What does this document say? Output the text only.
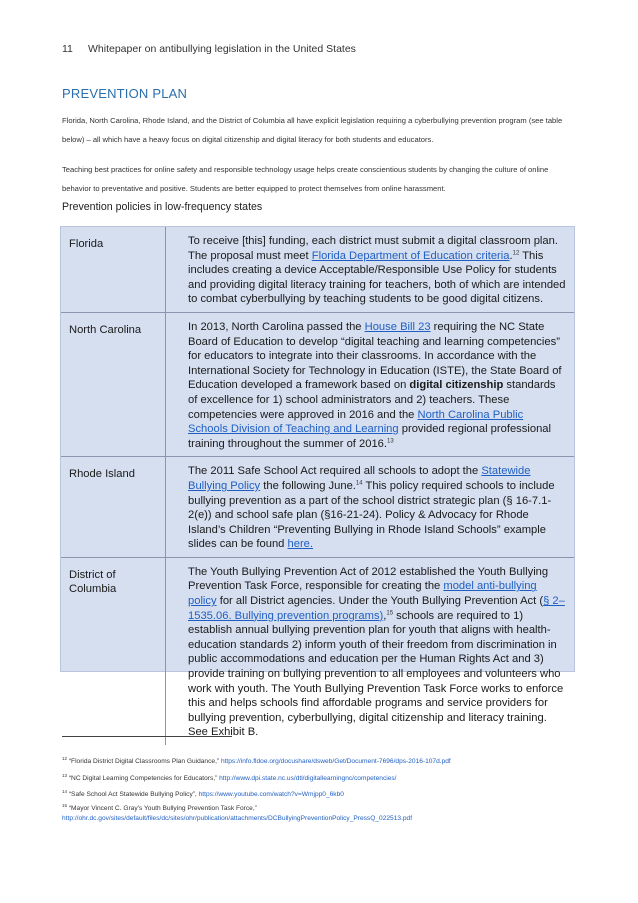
11 Whitepaper on antibullying legislation in the United States
PREVENTION PLAN

Florida, North Carolina, Rhode Island, and the District of Columbia all have explicit legislation requiring a cyberbullying prevention program (see table below) – all which have a heavy focus on digital citizenship and digital literacy for both students and educators.

Teaching best practices for online safety and responsible technology usage helps create conscientious students by changing the culture of online behavior to preventative and positive. Students are better equipped to protect themselves from online harassment.

Prevention policies in low-frequency states
Florida	To receive [this] funding, each district must submit a digital classroom plan. The proposal must meet Florida Department of Education criteria.$^{12}$ This includes creating a device Acceptable/Responsible Use Policy for students and providing digital literacy training for teachers, both of which are intended to combat cyberbullying by teaching students to be good digital citizens.
North Carolina	In 2013, North Carolina passed the House Bill 23 requiring the NC State Board of Education to develop “digital teaching and learning competencies” for educators to integrate into their classrooms. In accordance with the International Society for Technology in Education (ISTE), the State Board of Education developed a framework based on digital citizenship standards of excellence for 1) school administrators and 2) teachers. These competencies were approved in 2016 and the North Carolina Public Schools Division of Teaching and Learning provided regional professional training throughout the summer of 2016.13
Rhode Island	The 2011 Safe School Act required all schools to adopt the Statewide Bullying Policy the following June.$^{14}$ This policy required schools to include bullying prevention as a part of the school district strategic plan (§ 16-7.1-2(e)) and school safe plan (§16-21-24). Policy & Advocacy for Rhode Island’s Children “Preventing Bullying in Rhode Island Schools” example slides can be found here.
District of Columbia	The Youth Bullying Prevention Act of 2012 established the Youth Bullying Prevention Task Force, responsible for creating the model anti-bullying policy for all District agencies. Under the Youth Bullying Prevention Act (§ 2–1535.06. Bullying prevention programs),$^{15}$ schools are required to 1) establish annual bullying prevention plan for youth that aligns with health-education standards 2) inform youth of their freedom from discrimination in public accommodations and education per the Human Rights Act and 3) provide training on bullying prevention to all employees and volunteers who work with youth. The Youth Bullying Prevention Task Force works to enforce this and helps schools find affordable programs and service providers for bullying prevention, cyberbullying, digital citizenship and literacy training. See Exhibit B.
$^{12}$ “Florida District Digital Classrooms Plan Guidance,” https://info.fldoe.org/docushare/dsweb/Get/Document-7696/dps-2016-107d.pdf
$^{13}$ “NC Digital Learning Competencies for Educators,” http://www.dpi.state.nc.us/dtl/digitallearningnc/competencies/
$^{14}$ “Safe School Act Statewide Bullying Policy”, https://www.youtube.com/watch?v=Wmjpp0_6kb0
$^{15}$ “Mayor Vincent C. Gray’s Youth Bullying Prevention Task Force,” http://ohr.dc.gov/sites/default/files/dc/sites/ohr/publication/attachments/DCBullyingPreventionPolicy_PressQ_022513.pdf
